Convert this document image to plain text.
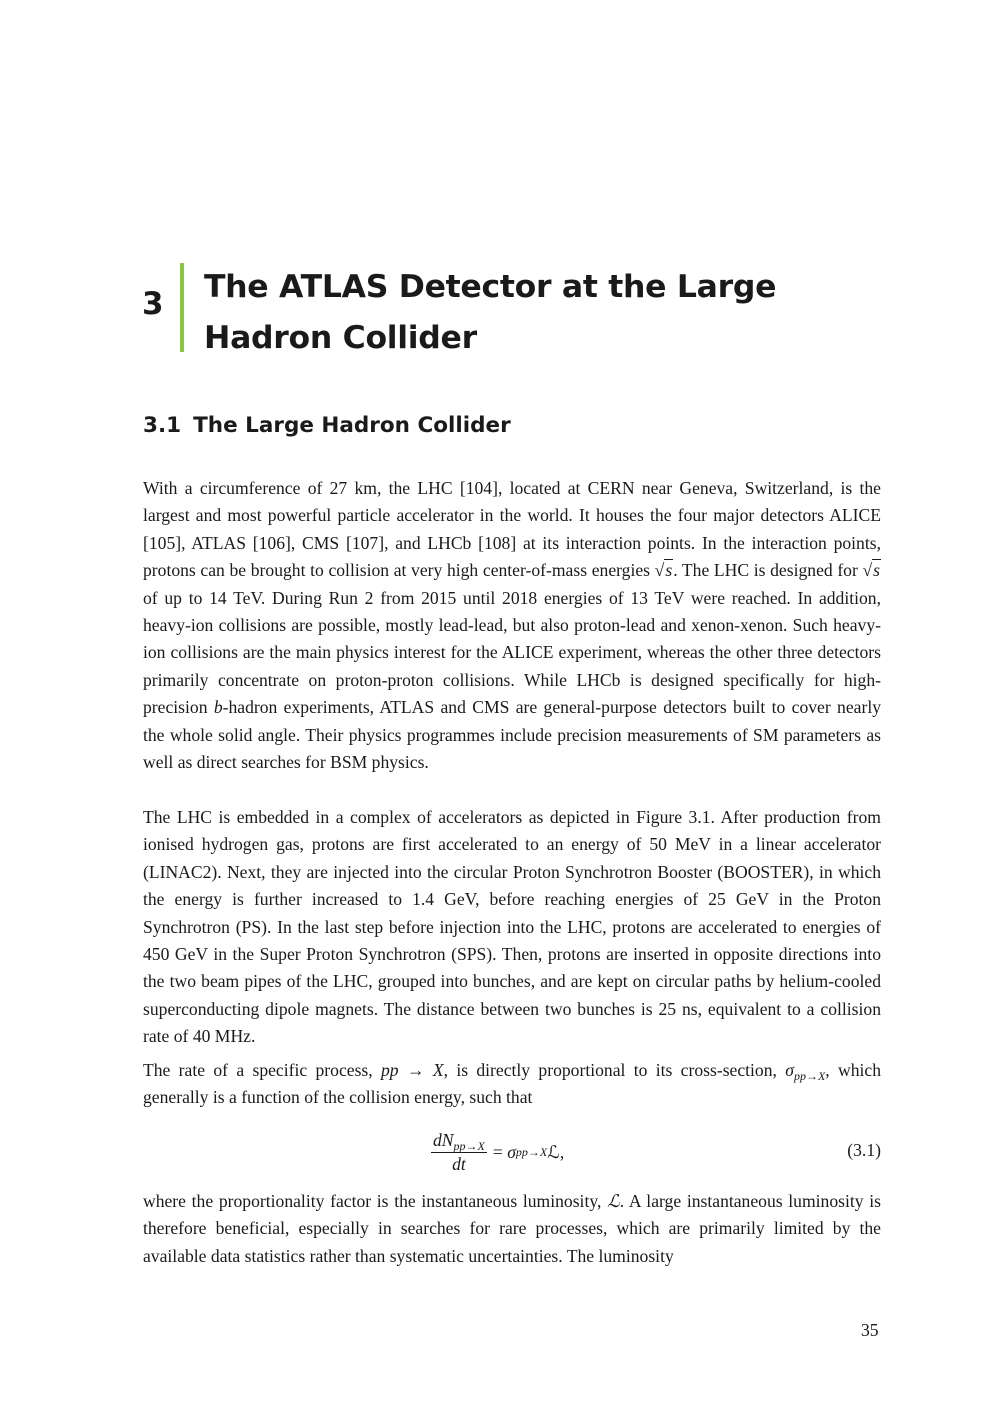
3 The ATLAS Detector at the Large Hadron Collider
3.1 The Large Hadron Collider

With a circumference of 27 km, the LHC [104], located at CERN near Geneva, Switzerland, is the largest and most powerful particle accelerator in the world. It houses the four major detectors ALICE [105], ATLAS [106], CMS [107], and LHCb [108] at its interaction points. In the interaction points, protons can be brought to collision at very high center-of-mass energies √s. The LHC is designed for √s of up to 14 TeV. During Run 2 from 2015 until 2018 energies of 13 TeV were reached. In addition, heavy-ion collisions are possible, mostly lead-lead, but also proton-lead and xenon-xenon. Such heavy-ion collisions are the main physics interest for the ALICE experiment, whereas the other three detectors primarily concentrate on proton-proton collisions. While LHCb is designed specifically for high-precision b-hadron experiments, ATLAS and CMS are general-purpose detectors built to cover nearly the whole solid angle. Their physics programmes include precision measurements of SM parameters as well as direct searches for BSM physics.

The LHC is embedded in a complex of accelerators as depicted in Figure 3.1. After production from ionised hydrogen gas, protons are first accelerated to an energy of 50 MeV in a linear accelerator (LINAC2). Next, they are injected into the circular Proton Synchrotron Booster (BOOSTER), in which the energy is further increased to 1.4 GeV, before reaching energies of 25 GeV in the Proton Synchrotron (PS). In the last step before injection into the LHC, protons are accelerated to energies of 450 GeV in the Super Proton Synchrotron (SPS). Then, protons are inserted in opposite directions into the two beam pipes of the LHC, grouped into bunches, and are kept on circular paths by helium-cooled superconducting dipole magnets. The distance between two bunches is 25 ns, equivalent to a collision rate of 40 MHz.

The rate of a specific process, pp → X, is directly proportional to its cross-section, $\sigma_{pp\to X}$, which generally is a function of the collision energy, such that

$\frac{dN_{pp\to X}}{dt}$ =
σ pp→X ℒ,	(3.1)

where the proportionality factor is the instantaneous luminosity, ℒ. A large instantaneous luminosity is therefore beneficial, especially in searches for rare processes, which are primarily limited by the available data statistics rather than systematic uncertainties. The luminosity

35
